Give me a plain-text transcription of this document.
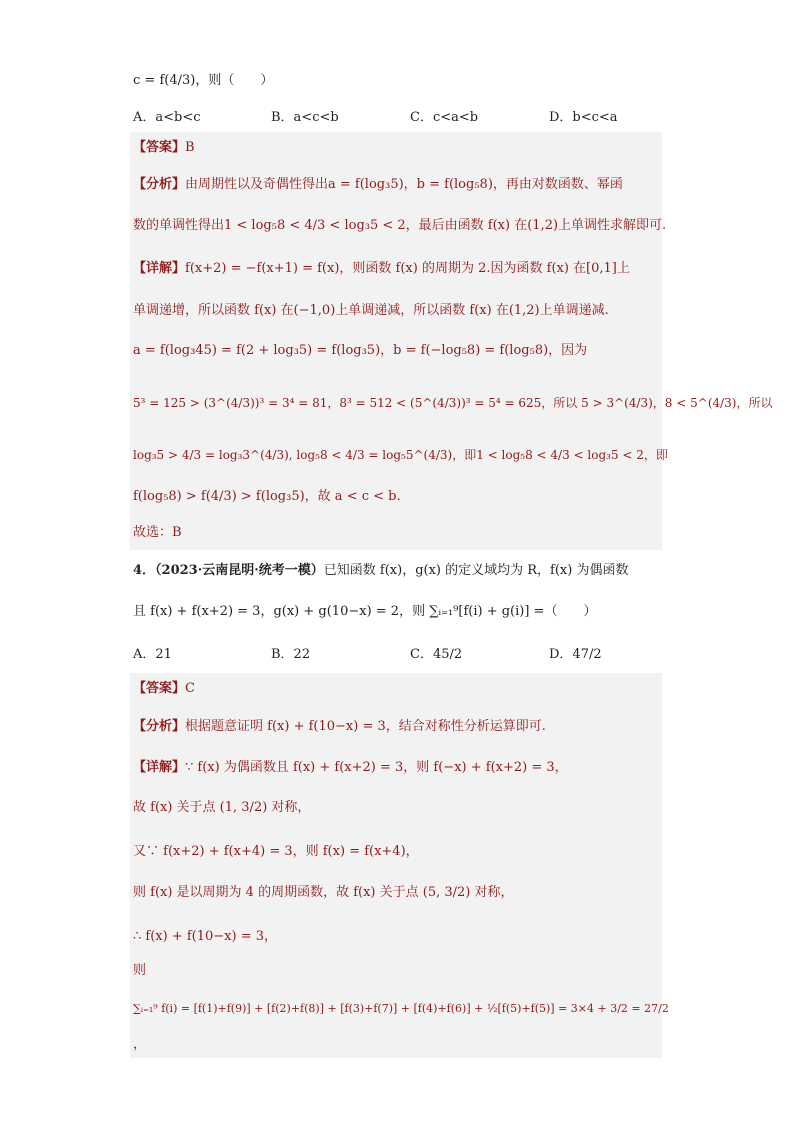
c = f(4/3)，则（　　）
A．a<b<c	B．a<c<b	C．c<a<b	D．b<c<a
【答案】B
【分析】由周期性以及奇偶性得出a = f(log₃5)，b = f(log₅8)，再由对数函数、幂函
数的单调性得出1 < log₅8 < 4/3 < log₃5 < 2，最后由函数 f(x) 在(1,2)上单调性求解即可.
【详解】f(x+2) = −f(x+1) = f(x)，则函数 f(x) 的周期为 2.因为函数 f(x) 在[0,1]上
单调递增，所以函数 f(x) 在(−1,0)上单调递减，所以函数 f(x) 在(1,2)上单调递减.
a = f(log₃45) = f(2 + log₃5) = f(log₃5)，b = f(−log₅8) = f(log₅8)，因为
5³ = 125 > (3^(4/3))³ = 3⁴ = 81，8³ = 512 < (5^(4/3))³ = 5⁴ = 625，所以 5 > 3^(4/3)，8 < 5^(4/3)，所以
log₃5 > 4/3 = log₃3^(4/3), log₅8 < 4/3 = log₅5^(4/3)，即1 < log₅8 < 4/3 < log₃5 < 2，即
f(log₅8) > f(4/3) > f(log₃5)，故 a < c < b.
故选：B
4．（2023·云南昆明·统考一模）已知函数 f(x)，g(x) 的定义域均为 R，f(x) 为偶函数
且 f(x) + f(x+2) = 3，g(x) + g(10−x) = 2，则 ∑ᵢ₌₁⁹[f(i) + g(i)] =（　　）
A．21	B．22	C．45/2	D．47/2
【答案】C
【分析】根据题意证明 f(x) + f(10−x) = 3，结合对称性分析运算即可.
【详解】∵ f(x) 为偶函数且 f(x) + f(x+2) = 3，则 f(−x) + f(x+2) = 3，
故 f(x) 关于点 (1, 3/2) 对称，
又∵ f(x+2) + f(x+4) = 3，则 f(x) = f(x+4)，
则 f(x) 是以周期为 4 的周期函数，故 f(x) 关于点 (5, 3/2) 对称，
∴ f(x) + f(10−x) = 3，
则
∑ᵢ₌₁⁹ f(i) = [f(1)+f(9)] + [f(2)+f(8)] + [f(3)+f(7)] + [f(4)+f(6)] + ½[f(5)+f(5)] = 3×4 + 3/2 = 27/2
，
